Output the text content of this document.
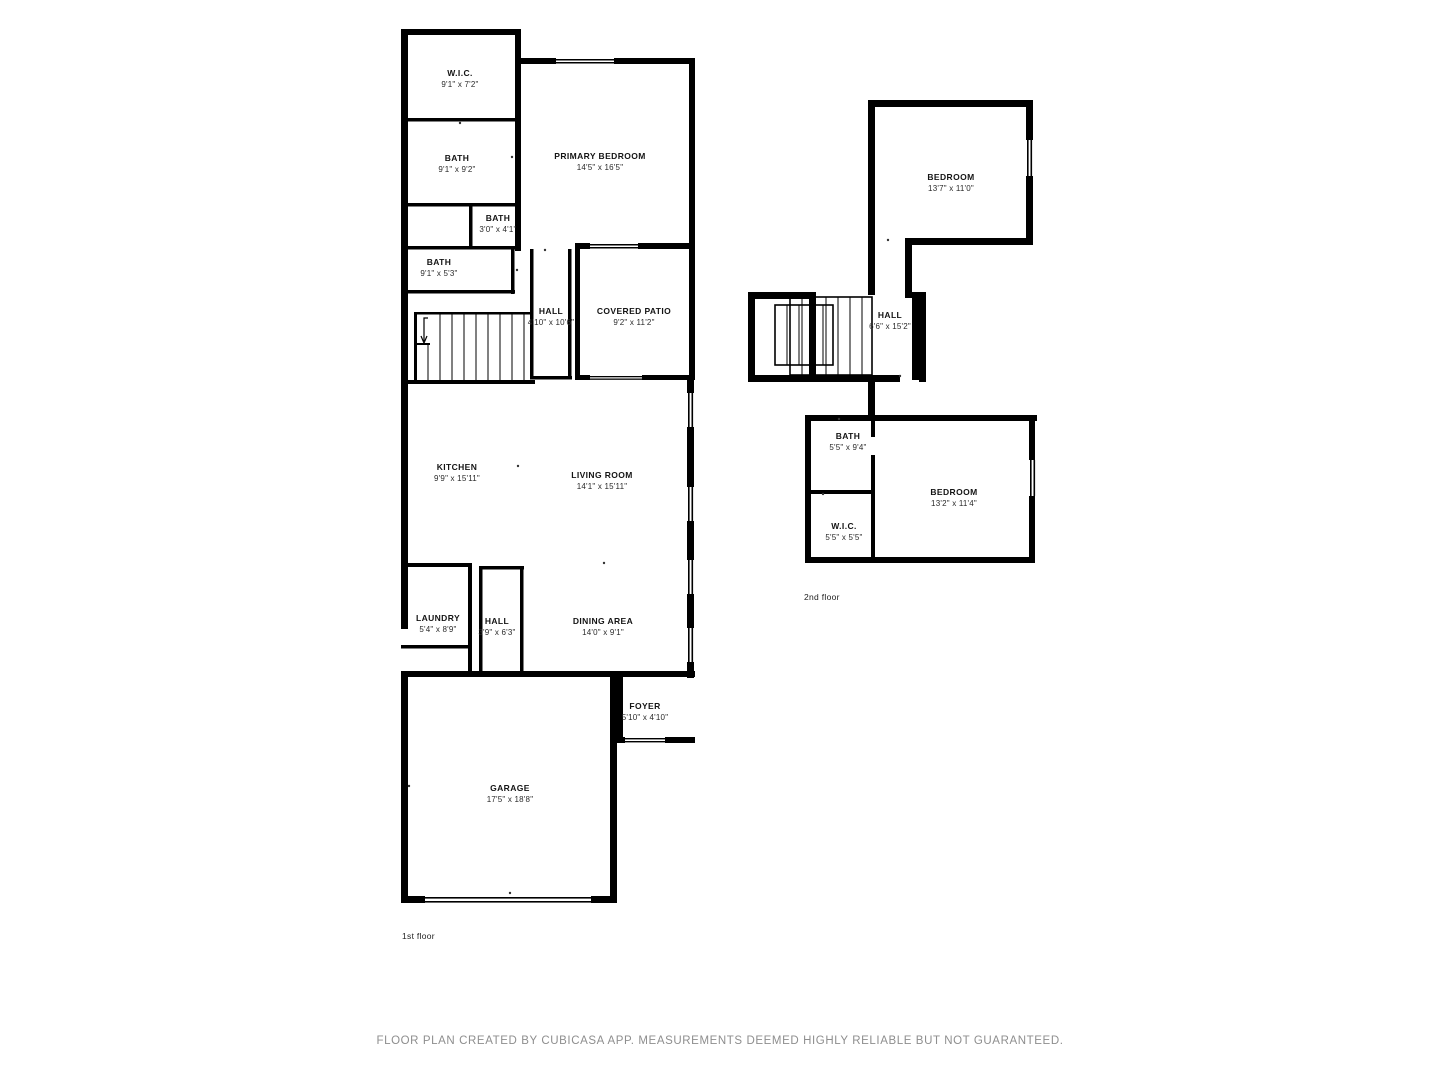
W.I.C.
9'1" x 7'2"
BATH
9'1" x 9'2"
PRIMARY BEDROOM
14'5" x 16'5"
BATH
3'0" x 4'1"
BATH
9'1" x 5'3"
HALL
4'10" x 10'6"
COVERED PATIO
9'2" x 11'2"
KITCHEN
9'9" x 15'11"	LIVING ROOM
14'1" x 15'11"
LAUNDRY
5'4" x 8'9"
HALL
3'9" x 6'3"
DINING AREA
14'0" x 9'1"
FOYER
5'10" x 4'10"
GARAGE
17'5" x 18'8"
1st floor
BEDROOM
13'7" x 11'0"
HALL
6'6" x 15'2"
BATH
5'5" x 9'4"
W.I.C.
5'5" x 5'5"
BEDROOM
13'2" x 11'4"
2nd floor
FLOOR PLAN CREATED BY CUBICASA APP. MEASUREMENTS DEEMED HIGHLY RELIABLE BUT NOT GUARANTEED.
